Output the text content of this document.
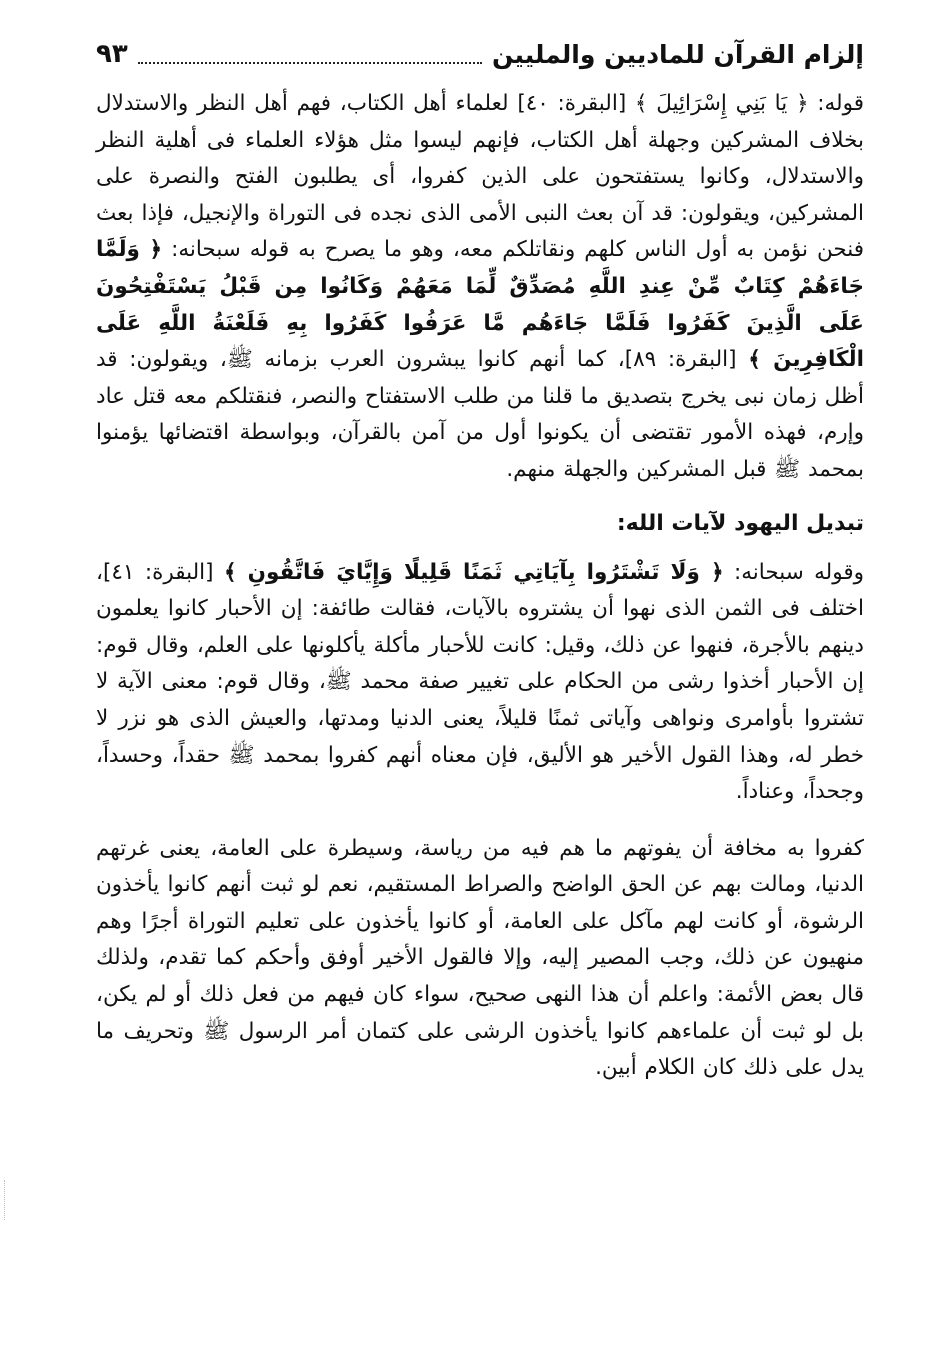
إلزام القرآن للماديين والمليين
٩٣

قوله: ﴿ يَا بَنِي إِسْرَائِيلَ ﴾ [البقرة: ٤٠] لعلماء أهل الكتاب، فهم أهل النظر والاستدلال بخلاف المشركين وجهلة أهل الكتاب، فإنهم ليسوا مثل هؤلاء العلماء فى أهلية النظر والاستدلال، وكانوا يستفتحون على الذين كفروا، أى يطلبون الفتح والنصرة على المشركين، ويقولون: قد آن بعث النبى الأمى الذى نجده فى التوراة والإنجيل، فإذا بعث فنحن نؤمن به أول الناس كلهم ونقاتلكم معه، وهو ما يصرح به قوله سبحانه: ﴿ وَلَمَّا جَاءَهُمْ كِتَابٌ مِّنْ عِندِ اللَّهِ مُصَدِّقٌ لِّمَا مَعَهُمْ وَكَانُوا مِن قَبْلُ يَسْتَفْتِحُونَ عَلَى الَّذِينَ كَفَرُوا فَلَمَّا جَاءَهُم مَّا عَرَفُوا كَفَرُوا بِهِ فَلَعْنَةُ اللَّهِ عَلَى الْكَافِرِينَ ﴾ [البقرة: ٨٩]، كما أنهم كانوا يبشرون العرب بزمانه ﷺ، ويقولون: قد أظل زمان نبى يخرج بتصديق ما قلنا من طلب الاستفتاح والنصر، فنقتلكم معه قتل عاد وإرم، فهذه الأمور تقتضى أن يكونوا أول من آمن بالقرآن، وبواسطة اقتضائها يؤمنوا بمحمد ﷺ قبل المشركين والجهلة منهم.

تبديل اليهود لآيات الله:

وقوله سبحانه: ﴿ وَلَا تَشْتَرُوا بِآيَاتِي ثَمَنًا قَلِيلًا وَإِيَّايَ فَاتَّقُونِ ﴾ [البقرة: ٤١]، اختلف فى الثمن الذى نهوا أن يشتروه بالآيات، فقالت طائفة: إن الأحبار كانوا يعلمون دينهم بالأجرة، فنهوا عن ذلك، وقيل: كانت للأحبار مأكلة يأكلونها على العلم، وقال قوم: إن الأحبار أخذوا رشى من الحكام على تغيير صفة محمد ﷺ، وقال قوم: معنى الآية لا تشتروا بأوامرى ونواهى وآياتى ثمنًا قليلاً، يعنى الدنيا ومدتها، والعيش الذى هو نزر لا خطر له، وهذا القول الأخير هو الأليق، فإن معناه أنهم كفروا بمحمد ﷺ حقداً، وحسداً، وجحداً، وعناداً.

كفروا به مخافة أن يفوتهم ما هم فيه من رياسة، وسيطرة على العامة، يعنى غرتهم الدنيا، ومالت بهم عن الحق الواضح والصراط المستقيم، نعم لو ثبت أنهم كانوا يأخذون الرشوة، أو كانت لهم مآكل على العامة، أو كانوا يأخذون على تعليم التوراة أجرًا وهم منهيون عن ذلك، وجب المصير إليه، وإلا فالقول الأخير أوفق وأحكم كما تقدم، ولذلك قال بعض الأئمة: واعلم أن هذا النهى صحيح، سواء كان فيهم من فعل ذلك أو لم يكن، بل لو ثبت أن علماءهم كانوا يأخذون الرشى على كتمان أمر الرسول ﷺ وتحريف ما يدل على ذلك كان الكلام أبين.
